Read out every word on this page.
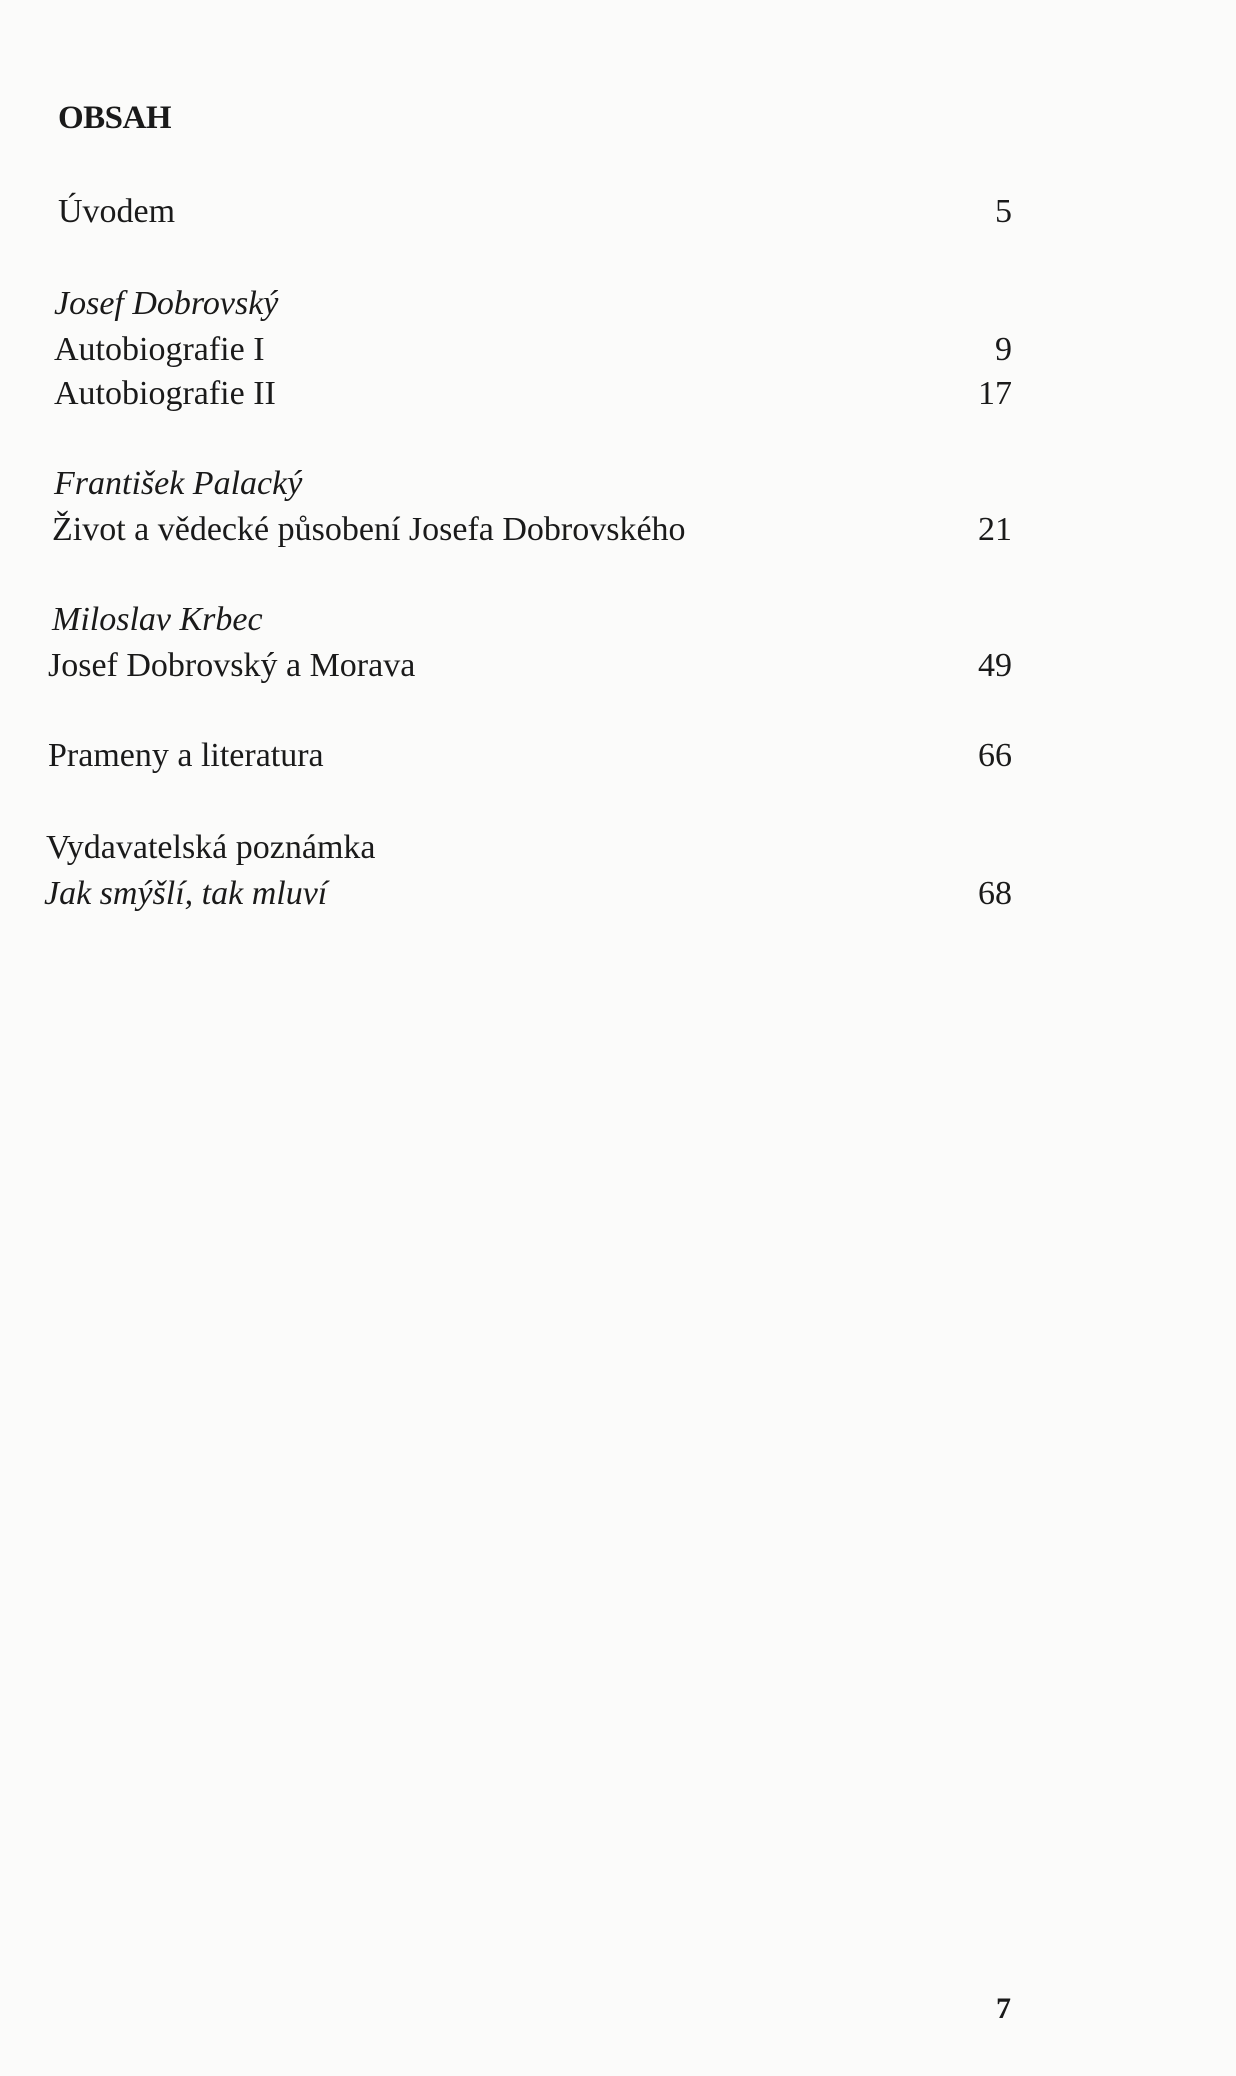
OBSAH
Úvodem	5
Josef Dobrovský
Autobiografie I	9
Autobiografie II	17
František Palacký
Život a vědecké působení Josefa Dobrovského	21
Miloslav Krbec
Josef Dobrovský a Morava	49
Prameny a literatura	66
Vydavatelská poznámka
Jak smýšlí, tak mluví	68
7
